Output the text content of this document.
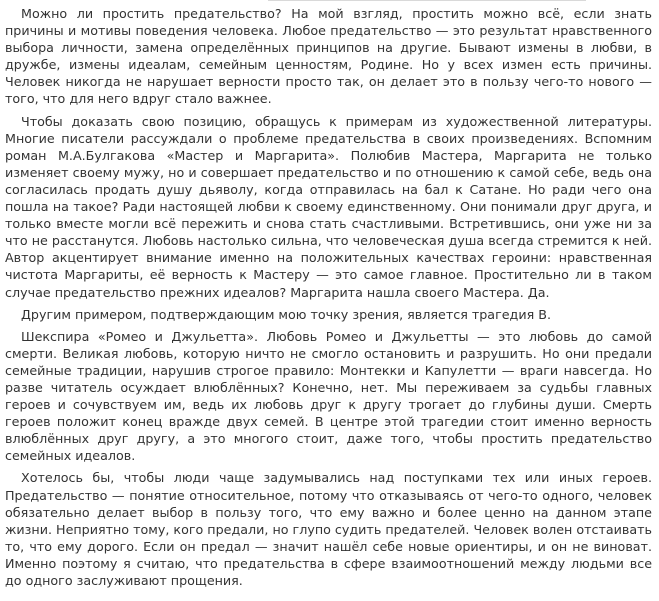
Можно ли простить предательство? На мой взгляд, простить можно всё, если знать причины и мотивы поведения человека. Любое предательство — это результат нравственного выбора личности, замена определённых принципов на другие. Бывают измены в любви, в дружбе, измены идеалам, семейным ценностям, Родине. Но у всех измен есть причины. Человек никогда не нарушает верности просто так, он делает это в пользу чего-то нового — того, что для него вдруг стало важнее.

Чтобы доказать свою позицию, обращусь к примерам из художественной литературы. Многие писатели рассуждали о проблеме предательства в своих произведениях. Вспомним роман М.А.Булгакова «Мастер и Маргарита». Полюбив Мастера, Маргарита не только изменяет своему мужу, но и совершает предательство и по отношению к самой себе, ведь она согласилась продать душу дьяволу, когда отправилась на бал к Сатане. Но ради чего она пошла на такое? Ради настоящей любви к своему единственному. Они понимали друг друга, и только вместе могли всё пережить и снова стать счастливыми. Встретившись, они уже ни за что не расстанутся. Любовь настолько сильна, что человеческая душа всегда стремится к ней. Автор акцентирует внимание именно на положительных качествах героини: нравственная чистота Маргариты, её верность к Мастеру — это самое главное. Простительно ли в таком случае предательство прежних идеалов? Маргарита нашла своего Мастера. Да.

Другим примером, подтверждающим мою точку зрения, является трагедия В.

Шекспира «Ромео и Джульетта». Любовь Ромео и Джульетты — это любовь до самой смерти. Великая любовь, которую ничто не смогло остановить и разрушить. Но они предали семейные традиции, нарушив строгое правило: Монтекки и Капулетти — враги навсегда. Но разве читатель осуждает влюблённых? Конечно, нет. Мы переживаем за судьбы главных героев и сочувствуем им, ведь их любовь друг к другу трогает до глубины души. Смерть героев положит конец вражде двух семей. В центре этой трагедии стоит именно верность влюблённых друг другу, а это многого стоит, даже того, чтобы простить предательство семейных идеалов.

Хотелось бы, чтобы люди чаще задумывались над поступками тех или иных героев. Предательство — понятие относительное, потому что отказываясь от чего-то одного, человек обязательно делает выбор в пользу того, что ему важно и более ценно на данном этапе жизни. Неприятно тому, кого предали, но глупо судить предателей. Человек волен отстаивать то, что ему дорого. Если он предал — значит нашёл себе новые ориентиры, и он не виноват. Именно поэтому я считаю, что предательства в сфере взаимоотношений между людьми все до одного заслуживают прощения.
